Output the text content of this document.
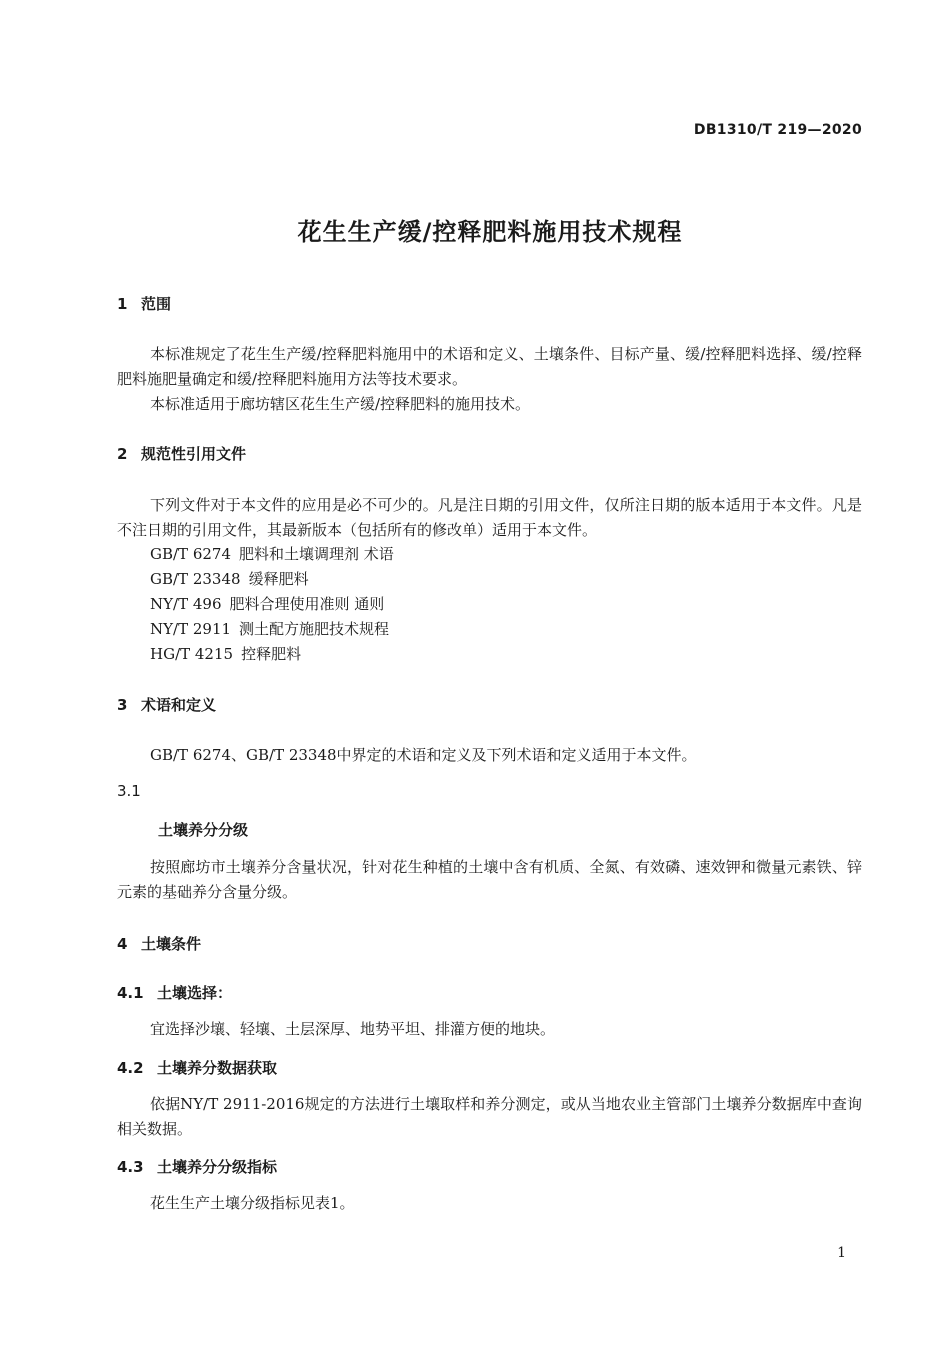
DB1310/T 219—2020
花生生产缓/控释肥料施用技术规程
1 范围
本标准规定了花生生产缓/控释肥料施用中的术语和定义、土壤条件、目标产量、缓/控释肥料选择、缓/控释肥料施肥量确定和缓/控释肥料施用方法等技术要求。
本标准适用于廊坊辖区花生生产缓/控释肥料的施用技术。
2 规范性引用文件
下列文件对于本文件的应用是必不可少的。凡是注日期的引用文件，仅所注日期的版本适用于本文件。凡是不注日期的引用文件，其最新版本（包括所有的修改单）适用于本文件。
GB/T 6274 肥料和土壤调理剂 术语
GB/T 23348 缓释肥料
NY/T 496 肥料合理使用准则 通则
NY/T 2911 测土配方施肥技术规程
HG/T 4215 控释肥料
3 术语和定义
GB/T 6274、GB/T 23348中界定的术语和定义及下列术语和定义适用于本文件。
3.1
土壤养分分级
按照廊坊市土壤养分含量状况，针对花生种植的土壤中含有机质、全氮、有效磷、速效钾和微量元素铁、锌元素的基础养分含量分级。
4 土壤条件
4.1 土壤选择：
宜选择沙壤、轻壤、土层深厚、地势平坦、排灌方便的地块。
4.2 土壤养分数据获取
依据NY/T 2911-2016规定的方法进行土壤取样和养分测定，或从当地农业主管部门土壤养分数据库中查询相关数据。
4.3 土壤养分分级指标
花生生产土壤分级指标见表1。
1
